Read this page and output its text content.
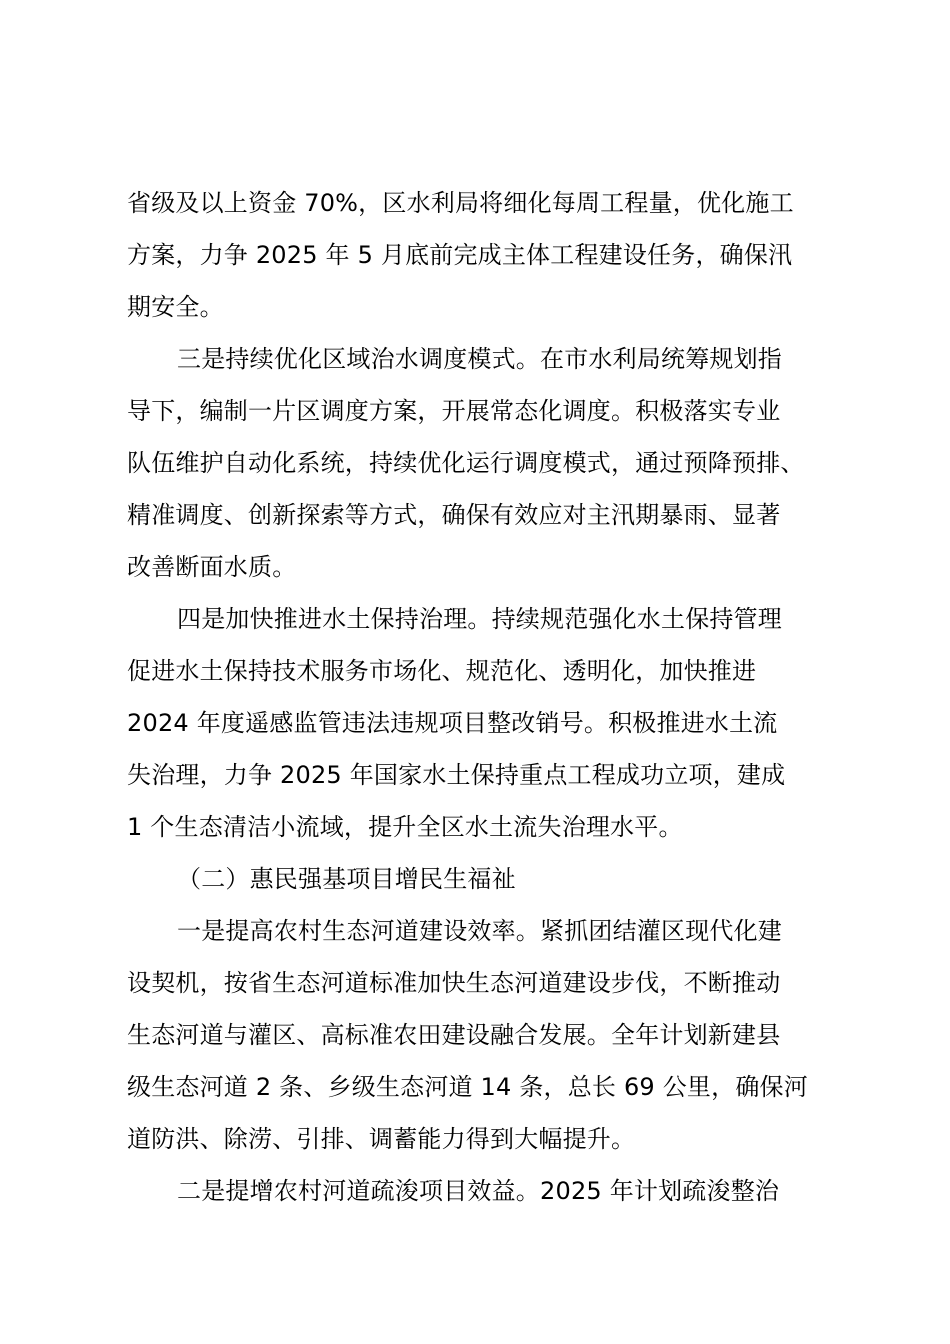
省级及以上资金 70%，区水利局将细化每周工程量，优化施工
方案，力争 2025 年 5 月底前完成主体工程建设任务，确保汛
期安全。
三是持续优化区域治水调度模式。在市水利局统筹规划指
导下，编制一片区调度方案，开展常态化调度。积极落实专业
队伍维护自动化系统，持续优化运行调度模式，通过预降预排、
精准调度、创新探索等方式，确保有效应对主汛期暴雨、显著
改善断面水质。
四是加快推进水土保持治理。持续规范强化水土保持管理
促进水土保持技术服务市场化、规范化、透明化，加快推进
2024 年度遥感监管违法违规项目整改销号。积极推进水土流
失治理，力争 2025 年国家水土保持重点工程成功立项，建成
1 个生态清洁小流域，提升全区水土流失治理水平。
（二）惠民强基项目增民生福祉
一是提高农村生态河道建设效率。紧抓团结灌区现代化建
设契机，按省生态河道标准加快生态河道建设步伐，不断推动
生态河道与灌区、高标准农田建设融合发展。全年计划新建县
级生态河道 2 条、乡级生态河道 14 条，总长 69 公里，确保河
道防洪、除涝、引排、调蓄能力得到大幅提升。
二是提增农村河道疏浚项目效益。2025 年计划疏浚整治
